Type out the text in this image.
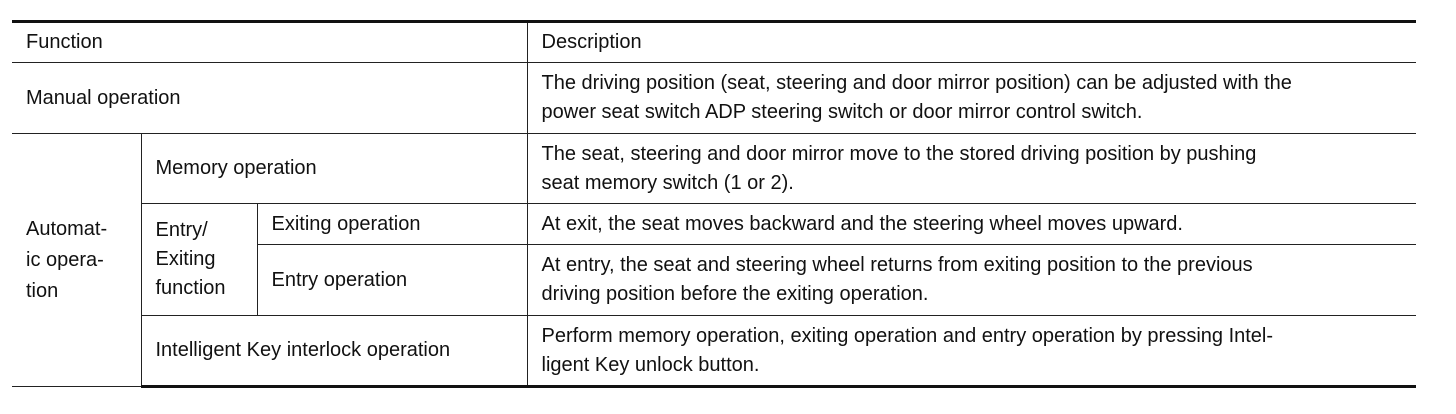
Function			Description
Manual operation			The driving position (seat, steering and door mirror position) can be adjusted with the
power seat switch ADP steering switch or door mirror control switch.
Automat-
ic opera-
tion	Memory operation		The seat, steering and door mirror move to the stored driving position by pushing
seat memory switch (1 or 2).
	Entry/
Exiting
function	Exiting operation	At exit, the seat moves backward and the steering wheel moves upward.
		Entry operation	At entry, the seat and steering wheel returns from exiting position to the previous
driving position before the exiting operation.
	Intelligent Key interlock operation		Perform memory operation, exiting operation and entry operation by pressing Intel-
ligent Key unlock button.
